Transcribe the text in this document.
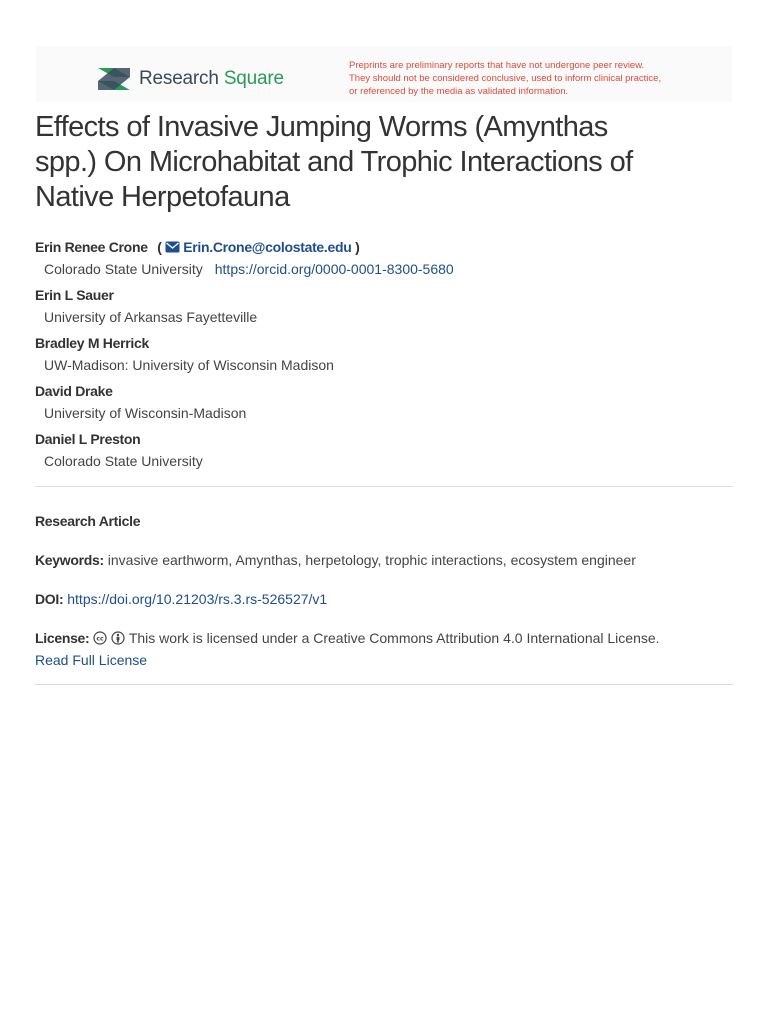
Research Square
Preprints are preliminary reports that have not undergone peer review.
They should not be considered conclusive, used to inform clinical practice,
or referenced by the media as validated information.
Effects of Invasive Jumping Worms (Amynthas
spp.) On Microhabitat and Trophic Interactions of
Native Herpetofauna
Erin Renee Crone ( Erin.Crone@colostate.edu )
Colorado State University https://orcid.org/0000-0001-8300-5680
Erin L Sauer
University of Arkansas Fayetteville
Bradley M Herrick
UW-Madison: University of Wisconsin Madison
David Drake
University of Wisconsin-Madison
Daniel L Preston
Colorado State University
Research Article
Keywords: invasive earthworm, Amynthas, herpetology, trophic interactions, ecosystem engineer
DOI: https://doi.org/10.21203/rs.3.rs-526527/v1
License: cc This work is licensed under a Creative Commons Attribution 4.0 International License.
Read Full License
